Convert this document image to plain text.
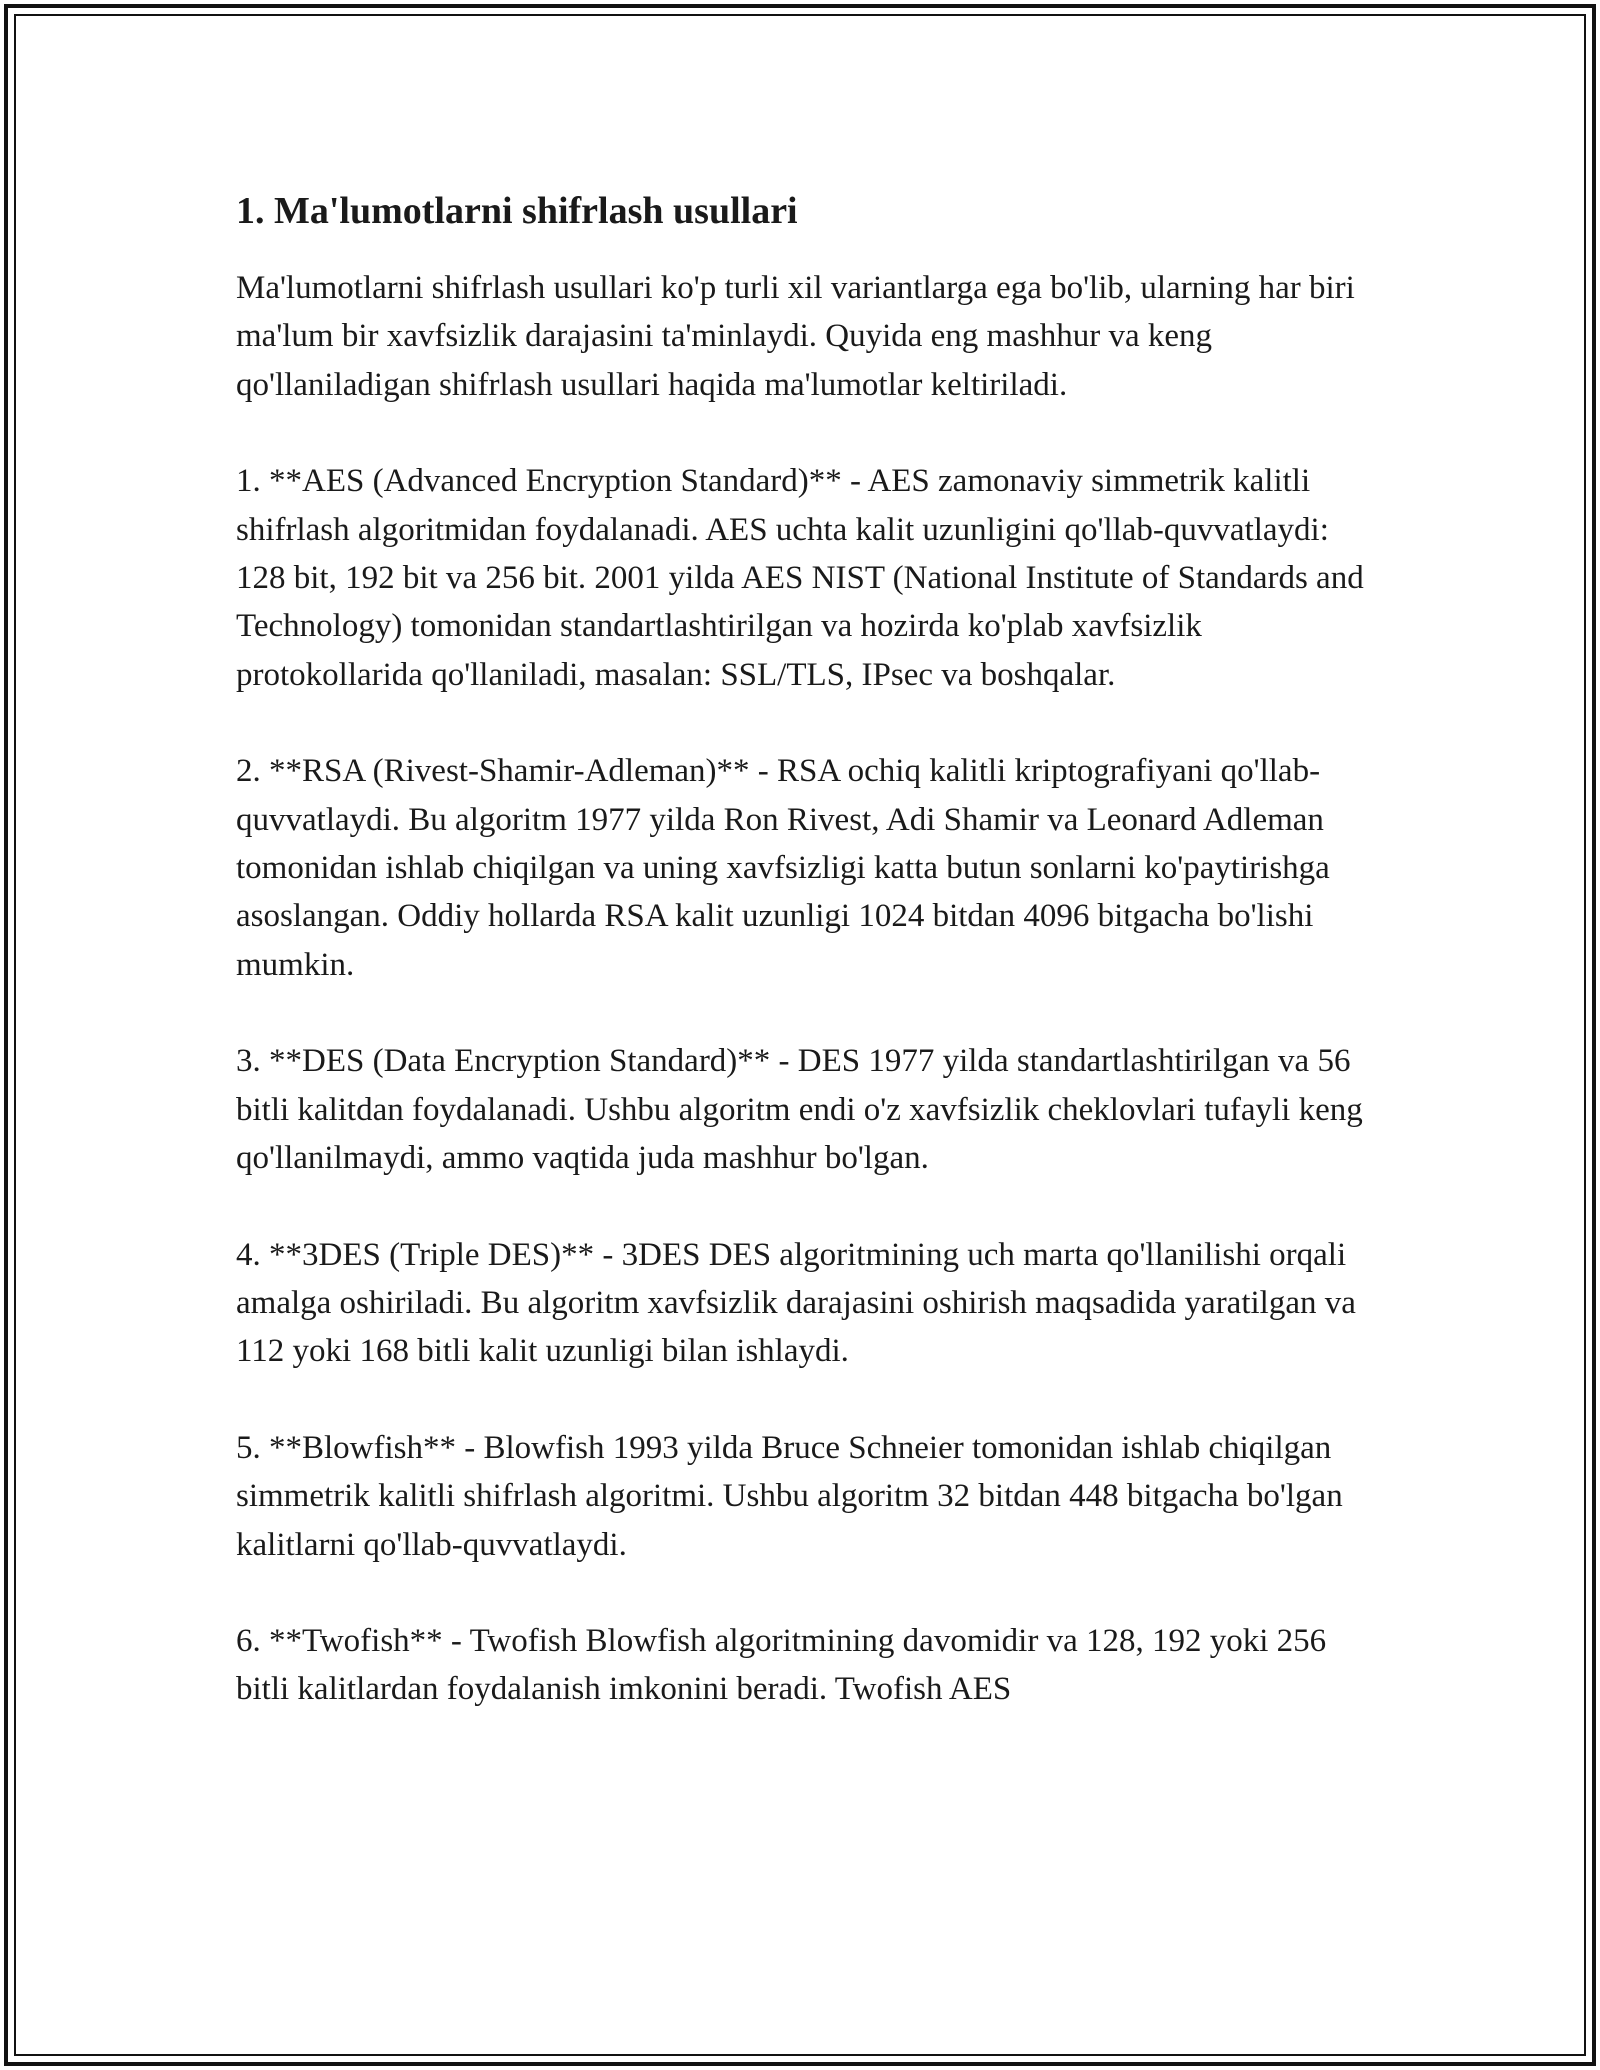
1. Ma'lumotlarni shifrlash usullari

Ma'lumotlarni shifrlash usullari ko'p turli xil variantlarga ega bo'lib, ularning har biri ma'lum bir xavfsizlik darajasini ta'minlaydi. Quyida eng mashhur va keng qo'llaniladigan shifrlash usullari haqida ma'lumotlar keltiriladi.

1. **AES (Advanced Encryption Standard)** - AES zamonaviy simmetrik kalitli shifrlash algoritmidan foydalanadi. AES uchta kalit uzunligini qo'llab-quvvatlaydi: 128 bit, 192 bit va 256 bit. 2001 yilda AES NIST (National Institute of Standards and Technology) tomonidan standartlashtirilgan va hozirda ko'plab xavfsizlik protokollarida qo'llaniladi, masalan: SSL/TLS, IPsec va boshqalar.

2. **RSA (Rivest-Shamir-Adleman)** - RSA ochiq kalitli kriptografiyani qo'llab-quvvatlaydi. Bu algoritm 1977 yilda Ron Rivest, Adi Shamir va Leonard Adleman tomonidan ishlab chiqilgan va uning xavfsizligi katta butun sonlarni ko'paytirishga asoslangan. Oddiy hollarda RSA kalit uzunligi 1024 bitdan 4096 bitgacha bo'lishi mumkin.

3. **DES (Data Encryption Standard)** - DES 1977 yilda standartlashtirilgan va 56 bitli kalitdan foydalanadi. Ushbu algoritm endi o'z xavfsizlik cheklovlari tufayli keng qo'llanilmaydi, ammo vaqtida juda mashhur bo'lgan.

4. **3DES (Triple DES)** - 3DES DES algoritmining uch marta qo'llanilishi orqali amalga oshiriladi. Bu algoritm xavfsizlik darajasini oshirish maqsadida yaratilgan va 112 yoki 168 bitli kalit uzunligi bilan ishlaydi.

5. **Blowfish** - Blowfish 1993 yilda Bruce Schneier tomonidan ishlab chiqilgan simmetrik kalitli shifrlash algoritmi. Ushbu algoritm 32 bitdan 448 bitgacha bo'lgan kalitlarni qo'llab-quvvatlaydi.

6. **Twofish** - Twofish Blowfish algoritmining davomidir va 128, 192 yoki 256 bitli kalitlardan foydalanish imkonini beradi. Twofish AES
